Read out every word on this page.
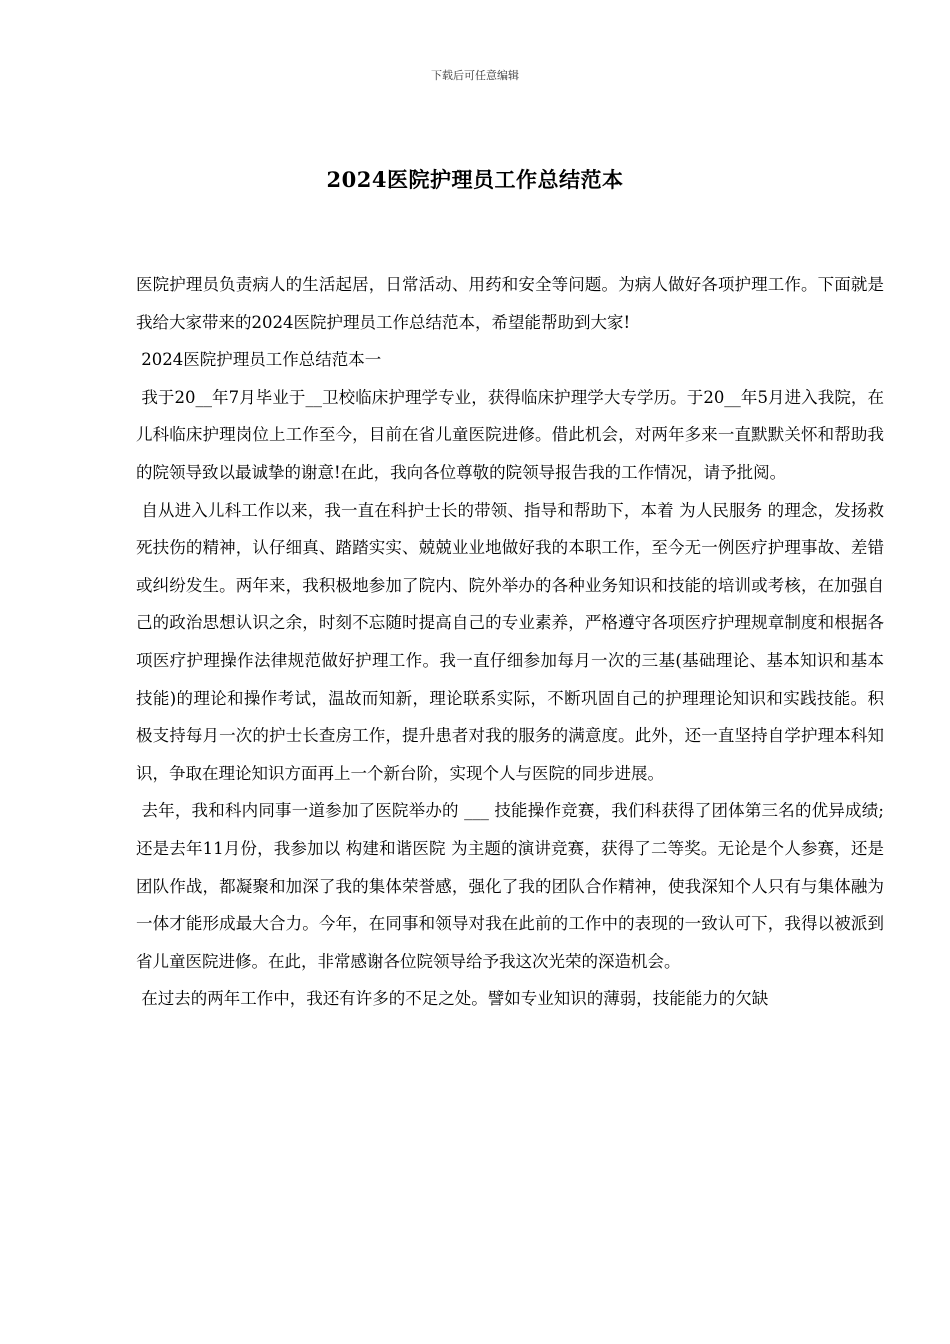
下载后可任意编辑
2024医院护理员工作总结范本

医院护理员负责病人的生活起居，日常活动、用药和安全等问题。为病人做好各项护理工作。下面就是我给大家带来的2024医院护理员工作总结范本，希望能帮助到大家!

2024医院护理员工作总结范本一

我于20__年7月毕业于__卫校临床护理学专业，获得临床护理学大专学历。于20__年5月进入我院，在儿科临床护理岗位上工作至今，目前在省儿童医院进修。借此机会，对两年多来一直默默关怀和帮助我的院领导致以最诚挚的谢意!在此，我向各位尊敬的院领导报告我的工作情况，请予批阅。

自从进入儿科工作以来，我一直在科护士长的带领、指导和帮助下，本着 为人民服务 的理念，发扬救死扶伤的精神，认仔细真、踏踏实实、兢兢业业地做好我的本职工作，至今无一例医疗护理事故、差错或纠纷发生。两年来，我积极地参加了院内、院外举办的各种业务知识和技能的培训或考核，在加强自己的政治思想认识之余，时刻不忘随时提高自己的专业素养，严格遵守各项医疗护理规章制度和根据各项医疗护理操作法律规范做好护理工作。我一直仔细参加每月一次的三基(基础理论、基本知识和基本技能)的理论和操作考试，温故而知新，理论联系实际，不断巩固自己的护理理论知识和实践技能。积极支持每月一次的护士长查房工作，提升患者对我的服务的满意度。此外，还一直坚持自学护理本科知识，争取在理论知识方面再上一个新台阶，实现个人与医院的同步进展。

去年，我和科内同事一道参加了医院举办的 ___ 技能操作竞赛，我们科获得了团体第三名的优异成绩;还是去年11月份，我参加以 构建和谐医院 为主题的演讲竞赛，获得了二等奖。无论是个人参赛，还是团队作战，都凝聚和加深了我的集体荣誉感，强化了我的团队合作精神，使我深知个人只有与集体融为一体才能形成最大合力。今年，在同事和领导对我在此前的工作中的表现的一致认可下，我得以被派到省儿童医院进修。在此，非常感谢各位院领导给予我这次光荣的深造机会。

在过去的两年工作中，我还有许多的不足之处。譬如专业知识的薄弱，技能能力的欠缺
